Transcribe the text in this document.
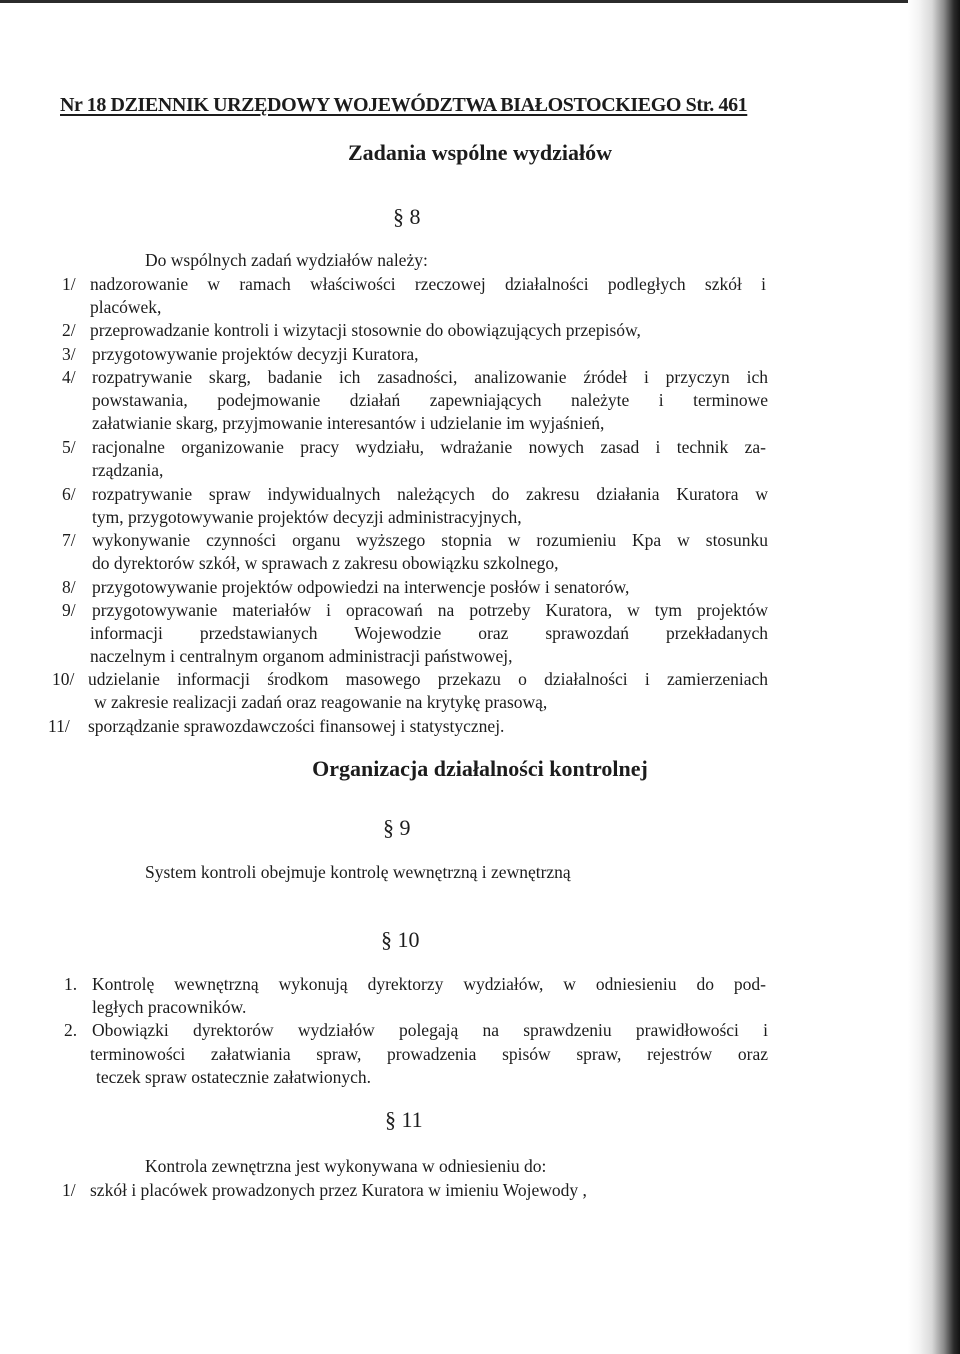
Nr 18 DZIENNIK URZĘDOWY WOJEWÓDZTWA BIAŁOSTOCKIEGO Str. 461
Zadania wspólne wydziałów
§ 8
Do wspólnych zadań wydziałów należy:
1/ nadzorowanie w ramach właściwości rzeczowej działalności podległych szkół i
placówek,
2/ przeprowadzanie kontroli i wizytacji stosownie do obowiązujących przepisów,
3/ przygotowywanie projektów decyzji Kuratora,
4/ rozpatrywanie skarg, badanie ich zasadności, analizowanie źródeł i przyczyn ich
powstawania, podejmowanie działań zapewniających należyte i terminowe
załatwianie skarg, przyjmowanie interesantów i udzielanie im wyjaśnień,
5/ racjonalne organizowanie pracy wydziału, wdrażanie nowych zasad i technik za-
rządzania,
6/ rozpatrywanie spraw indywidualnych należących do zakresu działania Kuratora w
tym, przygotowywanie projektów decyzji administracyjnych,
7/ wykonywanie czynności organu wyższego stopnia w rozumieniu Kpa w stosunku
do dyrektorów szkół, w sprawach z zakresu obowiązku szkolnego,
8/ przygotowywanie projektów odpowiedzi na interwencje posłów i senatorów,
9/ przygotowywanie materiałów i opracowań na potrzeby Kuratora, w tym projektów
informacji przedstawianych Wojewodzie oraz sprawozdań przekładanych
naczelnym i centralnym organom administracji państwowej,
10/ udzielanie informacji środkom masowego przekazu o działalności i zamierzeniach
w zakresie realizacji zadań oraz reagowanie na krytykę prasową,
11/ sporządzanie sprawozdawczości finansowej i statystycznej.
Organizacja działalności kontrolnej
§ 9
System kontroli obejmuje kontrolę wewnętrzną i zewnętrzną
§ 10
1. Kontrolę wewnętrzną wykonują dyrektorzy wydziałów, w odniesieniu do pod-
ległych pracowników.
2. Obowiązki dyrektorów wydziałów polegają na sprawdzeniu prawidłowości i
terminowości załatwiania spraw, prowadzenia spisów spraw, rejestrów oraz
teczek spraw ostatecznie załatwionych.
§ 11
Kontrola zewnętrzna jest wykonywana w odniesieniu do:
1/ szkół i placówek prowadzonych przez Kuratora w imieniu Wojewody ,
